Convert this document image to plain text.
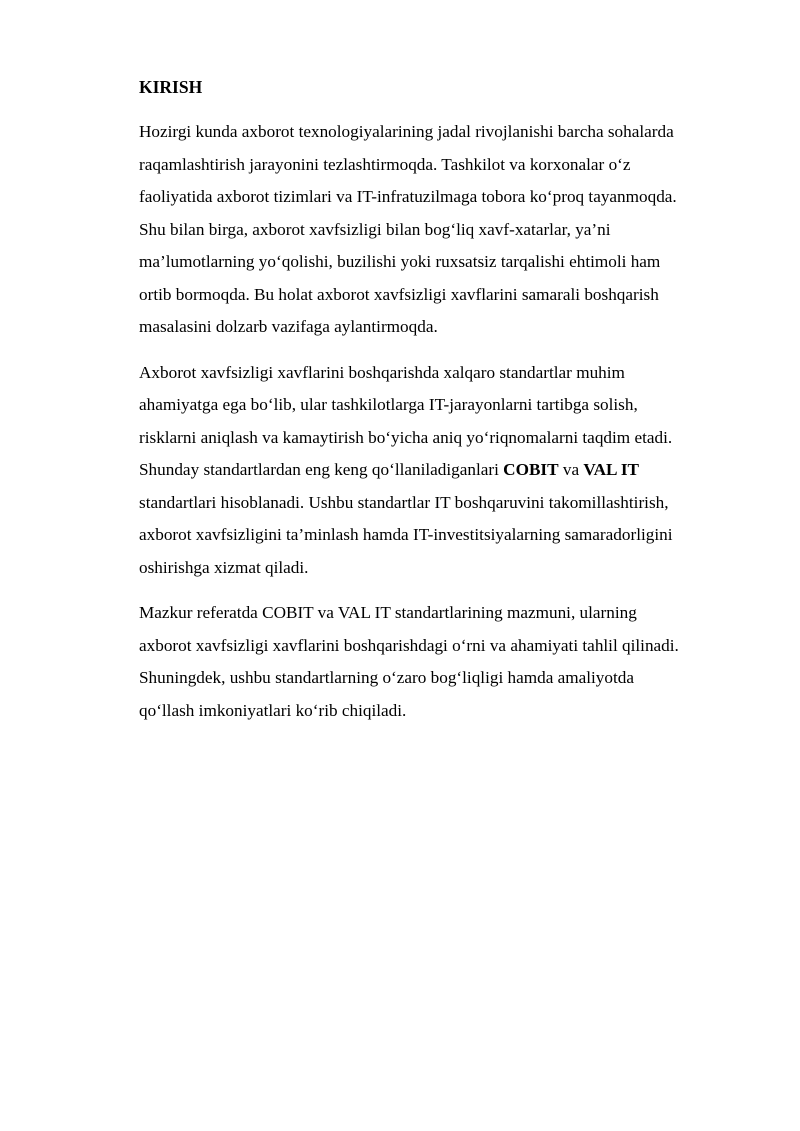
KIRISH
Hozirgi kunda axborot texnologiyalarining jadal rivojlanishi barcha sohalarda
raqamlashtirish jarayonini tezlashtirmoqda. Tashkilot va korxonalar o‘z
faoliyatida axborot tizimlari va IT-infratuzilmaga tobora ko‘proq tayanmoqda.
Shu bilan birga, axborot xavfsizligi bilan bog‘liq xavf-xatarlar, ya’ni
ma’lumotlarning yo‘qolishi, buzilishi yoki ruxsatsiz tarqalishi ehtimoli ham
ortib bormoqda. Bu holat axborot xavfsizligi xavflarini samarali boshqarish
masalasini dolzarb vazifaga aylantirmoqda.
Axborot xavfsizligi xavflarini boshqarishda xalqaro standartlar muhim
ahamiyatga ega bo‘lib, ular tashkilotlarga IT-jarayonlarni tartibga solish,
risklarni aniqlash va kamaytirish bo‘yicha aniq yo‘riqnomalarni taqdim etadi.
Shunday standartlardan eng keng qo‘llaniladiganlari COBIT va VAL IT
standartlari hisoblanadi. Ushbu standartlar IT boshqaruvini takomillashtirish,
axborot xavfsizligini ta’minlash hamda IT-investitsiyalarning samaradorligini
oshirishga xizmat qiladi.
Mazkur referatda COBIT va VAL IT standartlarining mazmuni, ularning
axborot xavfsizligi xavflarini boshqarishdagi o‘rni va ahamiyati tahlil qilinadi.
Shuningdek, ushbu standartlarning o‘zaro bog‘liqligi hamda amaliyotda
qo‘llash imkoniyatlari ko‘rib chiqiladi.
